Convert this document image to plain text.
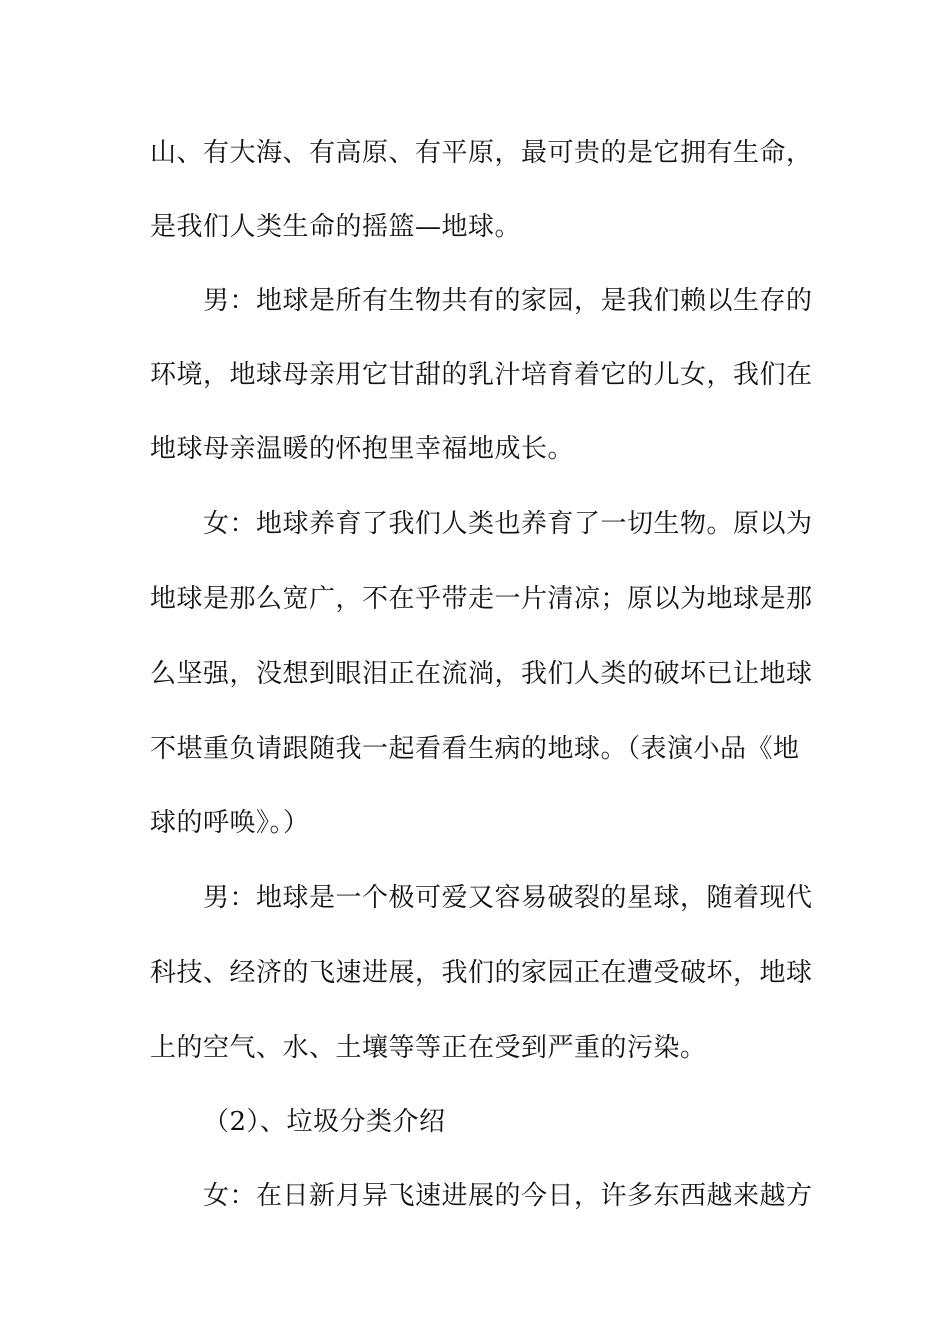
山、有大海、有高原、有平原，最可贵的是它拥有生命，
是我们人类生命的摇篮—地球。
男：地球是所有生物共有的家园，是我们赖以生存的
环境，地球母亲用它甘甜的乳汁培育着它的儿女，我们在
地球母亲温暖的怀抱里幸福地成长。
女：地球养育了我们人类也养育了一切生物。原以为
地球是那么宽广，不在乎带走一片清凉；原以为地球是那
么坚强，没想到眼泪正在流淌，我们人类的破坏已让地球
不堪重负请跟随我一起看看生病的地球。（表演小品《地
球的呼唤》。）
男：地球是一个极可爱又容易破裂的星球，随着现代
科技、经济的飞速进展，我们的家园正在遭受破坏，地球
上的空气、水、土壤等等正在受到严重的污染。
（2）、垃圾分类介绍
女：在日新月异飞速进展的今日，许多东西越来越方
